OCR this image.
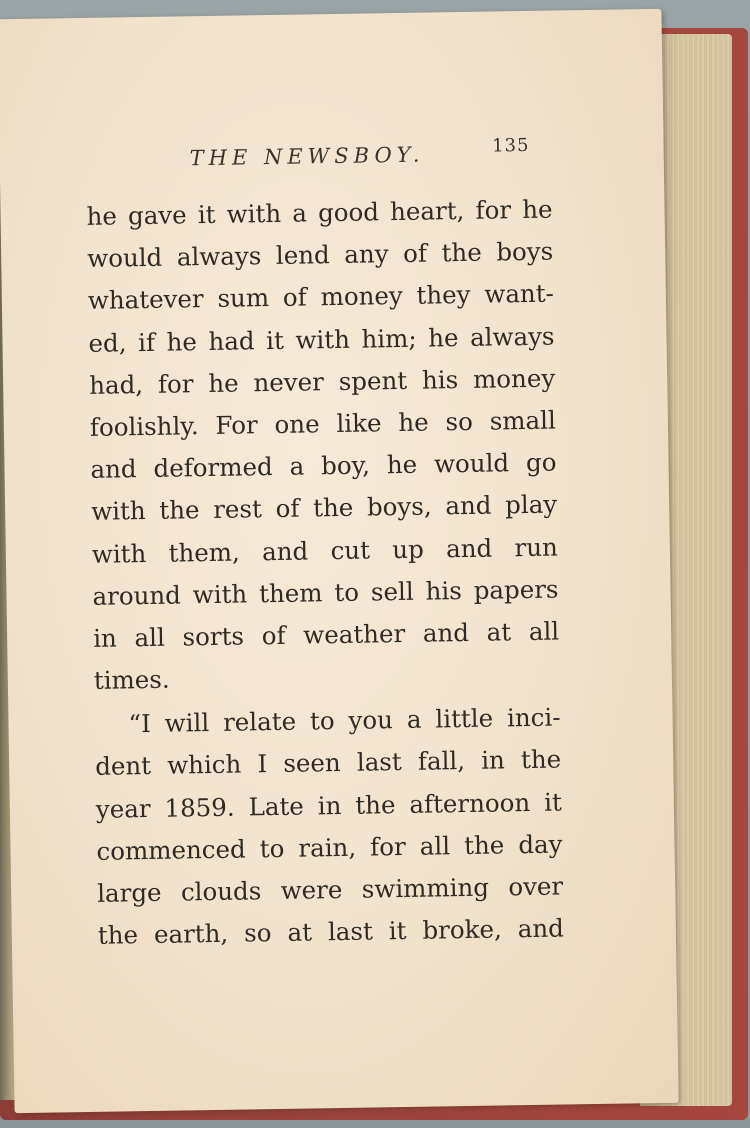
THE NEWSBOY.	135
he gave it with a good heart, for he
would always lend any of the boys
whatever sum of money they want-
ed, if he had it with him; he always
had, for he never spent his money
foolishly. For one like he so small
and deformed a boy, he would go
with the rest of the boys, and play
with them, and cut up and run
around with them to sell his papers
in all sorts of weather and at all
times.
“I will relate to you a little inci-
dent which I seen last fall, in the
year 1859. Late in the afternoon it
commenced to rain, for all the day
large clouds were swimming over
the earth, so at last it broke, and
